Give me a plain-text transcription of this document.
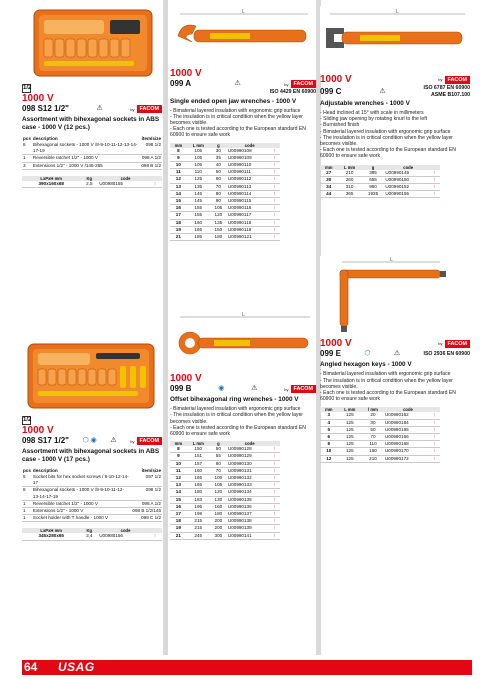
1/2
1000 V
098 S12 1/2"	⚠	by FACOM
Assortment with bihexagonal sockets in ABS case - 1000 V (12 pcs.)
pcs	description	item/size
8	Bihexagonal sockets - 1000 V /8-9-10-11-12-13-14-17-19	098 1/2
1	Reversible ratchet 1/2" - 1000 V	098 A 1/2
3	Extensions 1/2" - 1000 V /145-265	098 B 1/2
LxPxH mm	Kg	code	
390x160x68	2,5	U00980155	↑
1/2
1000 V
098 S17 1/2" ⬡ ◉ ⚠	by FACOM
Assortment with bihexagonal sockets in ABS case - 1000 V (17 pcs.)
pcs	description	item/size
5	Socket bits for hex socket screws / 8-10-12-14-17	097 1/2
8	Bihexagonal sockets - 1000 V /8-9-10-11-12-13-14-17-19	098 1/2
1	Reversible ratchet 1/2" - 1000 V	098 A 1/2
1	Extensions 1/2" - 1000 V	098 B 1/2/145
1	Socket holder with T handle - 1000 V	098 C 1/2
LxPxH mm	Kg	code	
345x280x65	3,4	U00980156	↑
L
1000 V
099 A	⚠	by FACOM
ISO 4429 EN 60900
Single ended open jaw wrenches - 1000 V
- Bimaterial layered insulation with ergonomic grip surface
- The insulation is in critical condition when the yellow layer becomes visible.
- Each one is tested according to the European standard EN 60900 to ensure safe work
mm	L mm	g	code	
8	105	30	U00990108	↑
9	105	35	U00990109	↑
10	105	40	U00990110	↑
11	110	50	U00990111	↑
12	125	60	U00990112	↑
13	135	70	U00990113	↑
14	145	80	U00990114	↑
15	145	90	U00990115	↑
16	155	105	U00990116	↑
17	155	120	U00990117	↑
18	160	135	U00990118	↑
19	165	150	U00990119	↑
21	185	180	U00990121	↑
L
1000 V
099 B	◉	⚠	by FACOM
Offset bihexagonal ring wrenches - 1000 V
- Bimaterial layered insulation with ergonomic grip surface
- The insulation is in critical condition when the yellow layer becomes visible.
- Each one is tested according to the European standard EN 60900 to ensure safe work
mm	L mm	g	code	
8	150	50	U00990128	↑
9	151	55	U00990129	↑
10	157	60	U00990130	↑
11	160	70	U00990131	↑
12	165	100	U00990132	↑
13	165	105	U00990133	↑
14	180	120	U00990134	↑
15	183	130	U00990135	↑
16	195	160	U00990136	↑
17	198	180	U00990137	↑
18	215	200	U00990138	↑
19	215	200	U00990139	↑
21	245	300	U00990141	↑
L
1000 V	by FACOM
099 C	⚠	ISO 6787 EN 60900
ASME B107.100
Adjustable wrenches - 1000 V
- Head inclined at 15° with scale in millimeters
- Sliding jaw opening by rotating knurl to the left
- Burnished finish
- Bimaterial layered insulation with ergonomic grip surface
- The insulation is in critical condition when the yellow layer becomes visible.
- Each one is tested according to the European standard EN 60900 to ensure safe work
mm	L mm	g	code	
27	210	385	U00990149	↑
30	260	655	U00990150	↑
34	310	950	U00990152	↑
44	365	1935	U00990155	↑
L
1000 V	by FACOM
099 E	⬡	⚠	ISO 2936 EN 60900
Angled hexagon keys - 1000 V
- Bimaterial layered insulation with ergonomic grip surface
- The insulation is in critical condition when the yellow layer becomes visible.
- Each one is tested according to the European standard EN 60900 to ensure safe work
mm	L mm	l mm	code	
3	125	20	U00990162	↑
4	125	30	U00990164	↑
5	125	50	U00990165	↑
6	125	70	U00990166	↑
8	125	110	U00990168	↑
10	125	150	U00990170	↑
12	125	210	U00990172	↑
64 USAG
